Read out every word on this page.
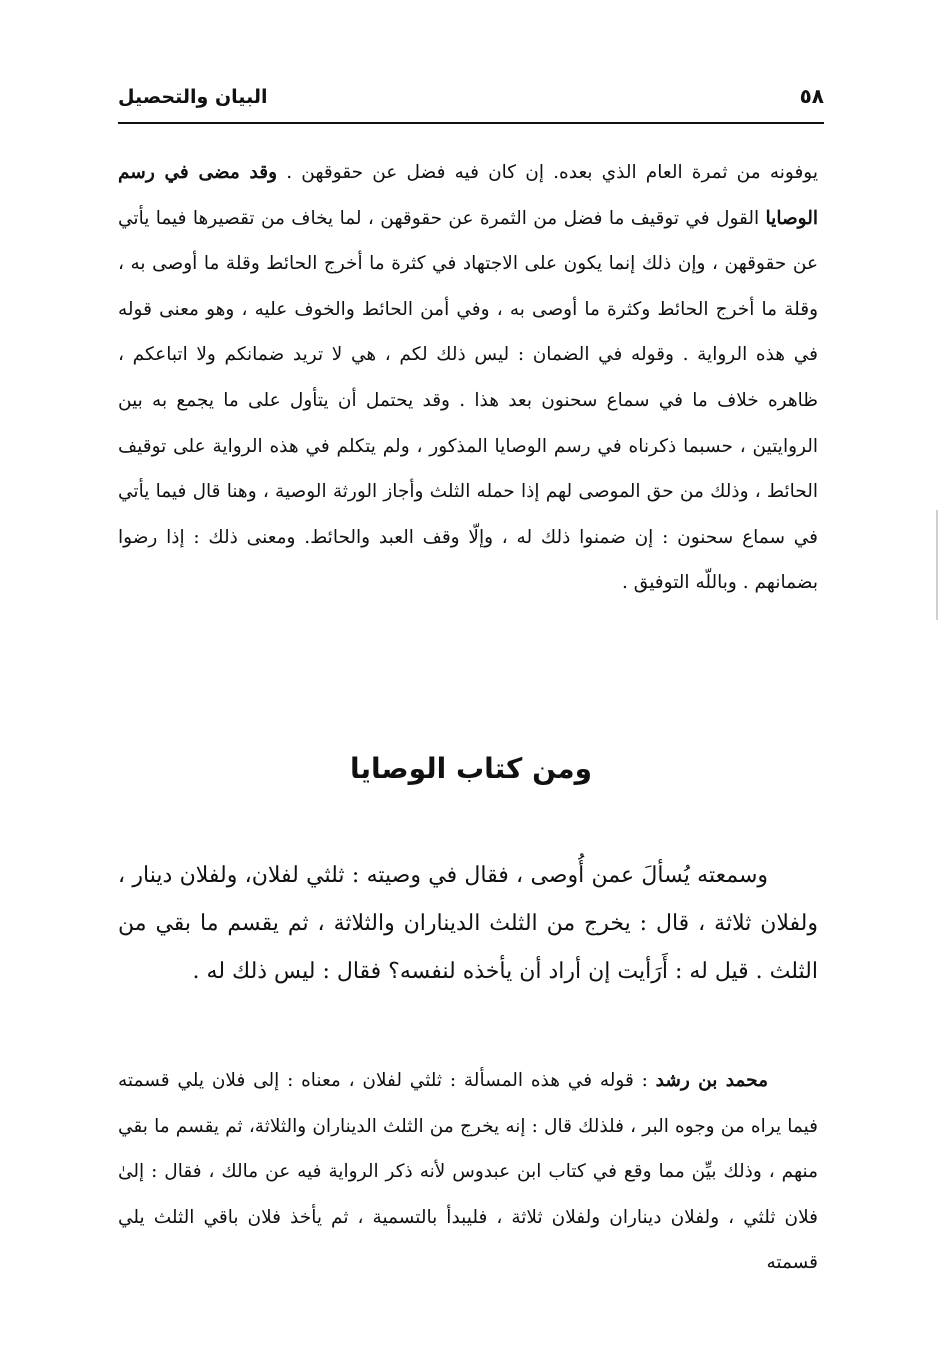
البيان والتحصيل	٥٨

يوفونه من ثمرة العام الذي بعده. إن كان فيه فضل عن حقوقهن . وقد مضى في رسم الوصايا القول في توقيف ما فضل من الثمرة عن حقوقهن ، لما يخاف من تقصيرها فيما يأتي عن حقوقهن ، وإن ذلك إنما يكون على الاجتهاد في كثرة ما أخرج الحائط وقلة ما أوصى به ، وقلة ما أخرج الحائط وكثرة ما أوصى به ، وفي أمن الحائط والخوف عليه ، وهو معنى قوله في هذه الرواية . وقوله في الضمان : ليس ذلك لكم ، هي لا تريد ضمانكم ولا اتباعكم ، ظاهره خلاف ما في سماع سحنون بعد هذا . وقد يحتمل أن يتأول على ما يجمع به بين الروايتين ، حسبما ذكرناه في رسم الوصايا المذكور ، ولم يتكلم في هذه الرواية على توقيف الحائط ، وذلك من حق الموصى لهم إذا حمله الثلث وأجاز الورثة الوصية ، وهنا قال فيما يأتي في سماع سحنون : إن ضمنوا ذلك له ، وإلّا وقف العبد والحائط. ومعنى ذلك : إذا رضوا بضمانهم . وباللّه التوفيق .

ومن كتاب الوصايا

وسمعته يُسألَ عمن أُوصى ، فقال في وصيته : ثلثي لفلان، ولفلان دينار ، ولفلان ثلاثة ، قال : يخرج من الثلث الديناران والثلاثة ، ثم يقسم ما بقي من الثلث . قيل له : أَرَأيت إن أراد أن يأخذه لنفسه؟ فقال : ليس ذلك له .

محمد بن رشد : قوله في هذه المسألة : ثلثي لفلان ، معناه : إلى فلان يلي قسمته فيما يراه من وجوه البر ، فلذلك قال : إنه يخرج من الثلث الديناران والثلاثة، ثم يقسم ما بقي منهم ، وذلك بيِّن مما وقع في كتاب ابن عبدوس لأنه ذكر الرواية فيه عن مالك ، فقال : إلىٰ فلان ثلثي ، ولفلان ديناران ولفلان ثلاثة ، فليبدأ بالتسمية ، ثم يأخذ فلان باقي الثلث يلي قسمته
